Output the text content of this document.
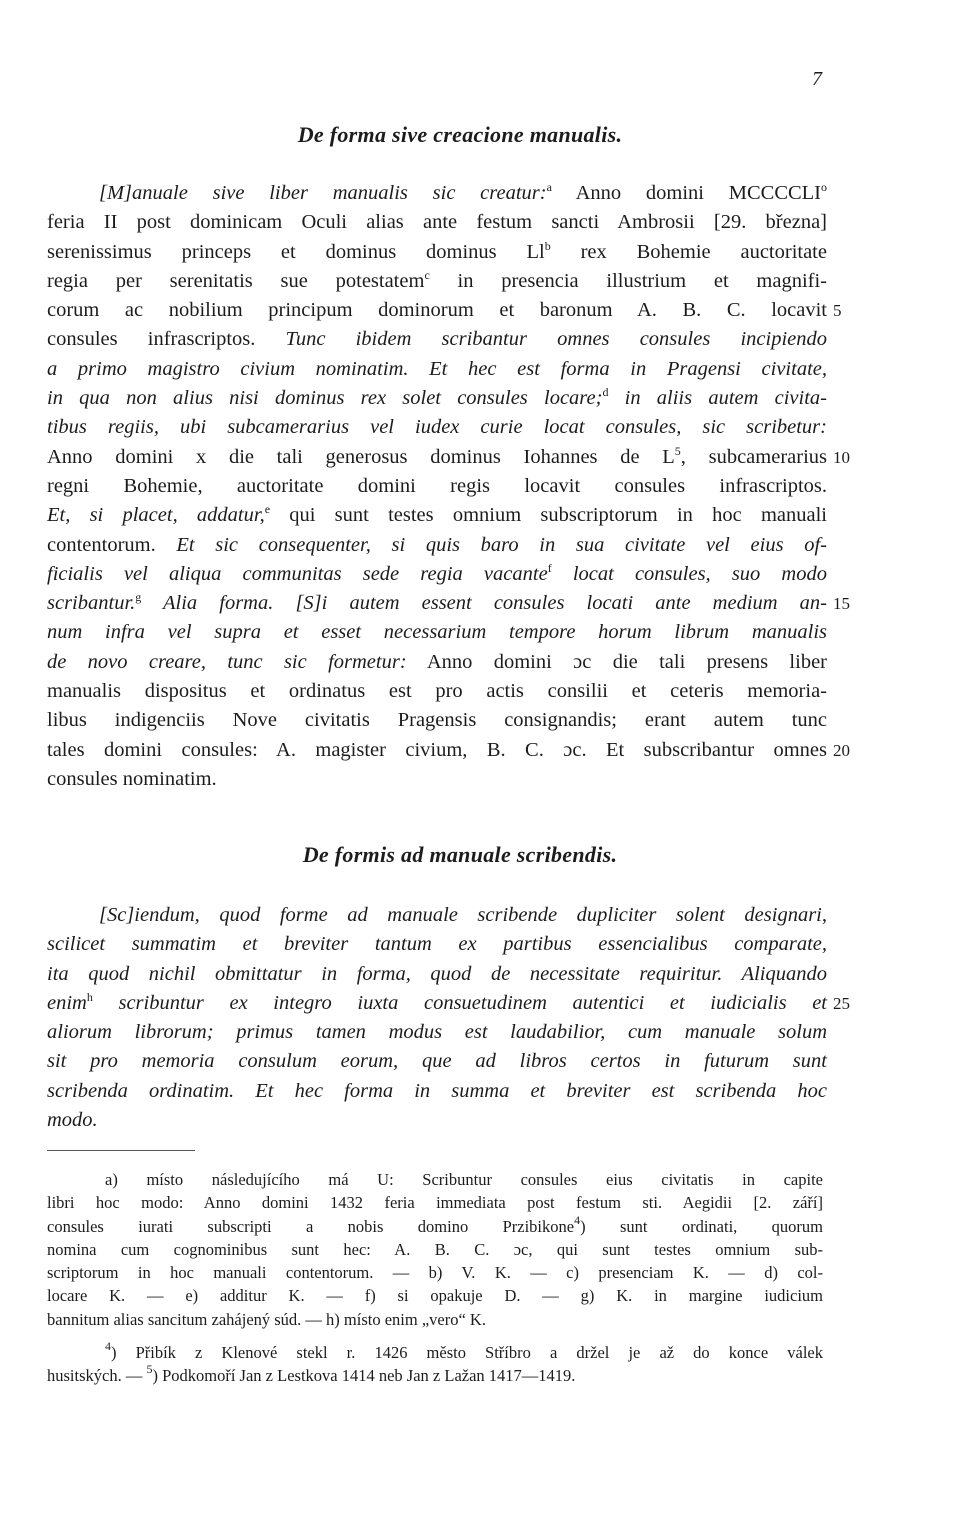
7
De forma sive creacione manualis.
[M]anuale sive liber manualis sic creatur:$^a$ Anno domini MCCCCLI$^o$
feria II post dominicam Oculi alias ante festum sancti Ambrosii [29. března]
serenissimus princeps et dominus dominus Ll$^b$ rex Bohemie auctoritate
regia per serenitatis sue potestatem$^c$ in presencia illustrium et magnifi-
corum ac nobilium principum dominorum et baronum A. B. C. locavit 5
consules infrascriptos. Tunc ibidem scribantur omnes consules incipiendo
a primo magistro civium nominatim. Et hec est forma in Pragensi civitate,
in qua non alius nisi dominus rex solet consules locare;$^d$ in aliis autem civita-
tibus regiis, ubi subcamerarius vel iudex curie locat consules, sic scribetur:
Anno domini x die tali generosus dominus Iohannes de $L^5$, subcamerarius 10
regni Bohemie, auctoritate domini regis locavit consules infrascriptos.
Et, si placet, addatur,$^e$ qui sunt testes omnium subscriptorum in hoc manuali
contentorum. Et sic consequenter, si quis baro in sua civitate vel eius of-
ficialis vel aliqua communitas sede regia vacante$^f$ locat consules, suo modo
scribantur.$^g$ Alia forma. [S]i autem essent consules locati ante medium an- 15
num infra vel supra et esset necessarium tempore horum librum manualis
de novo creare, tunc sic formetur: Anno domini ɔc die tali presens liber
manualis dispositus et ordinatus est pro actis consilii et ceteris memoria-
libus indigenciis Nove civitatis Pragensis consignandis; erant autem tunc
tales domini consules: A. magister civium, B. C. ɔc. Et subscribantur omnes 20
consules nominatim.
De formis ad manuale scribendis.
[Sc]iendum, quod forme ad manuale scribende dupliciter solent designari,
scilicet summatim et breviter tantum ex partibus essencialibus comparate,
ita quod nichil obmittatur in forma, quod de necessitate requiritur. Aliquando
enim$^h$ scribuntur ex integro iuxta consuetudinem autentici et iudicialis et 25
aliorum librorum; primus tamen modus est laudabilior, cum manuale solum
sit pro memoria consulum eorum, que ad libros certos in futurum sunt
scribenda ordinatim. Et hec forma in summa et breviter est scribenda hoc
modo.
a) místo následujícího má U: Scribuntur consules eius civitatis in capite
libri hoc modo: Anno domini 1432 feria immediata post festum sti. Aegidii [2. září]
consules iurati subscripti a nobis domino Przibikone$^4$) sunt ordinati, quorum
nomina cum cognominibus sunt hec: A. B. C. ɔc, qui sunt testes omnium sub-
scriptorum in hoc manuali contentorum. — b) V. K. — c) presenciam K. — d) col-
locare K. — e) additur K. — f) si opakuje D. — g) K. in margine iudicium
bannitum alias sancitum zahájený súd. — h) místo enim „vero“ K.
$^4$) Přibík z Klenové stekl r. 1426 město Stříbro a držel je až do konce válek
husitských. — $^5$) Podkomoří Jan z Lestkova 1414 neb Jan z Lažan 1417—1419.
